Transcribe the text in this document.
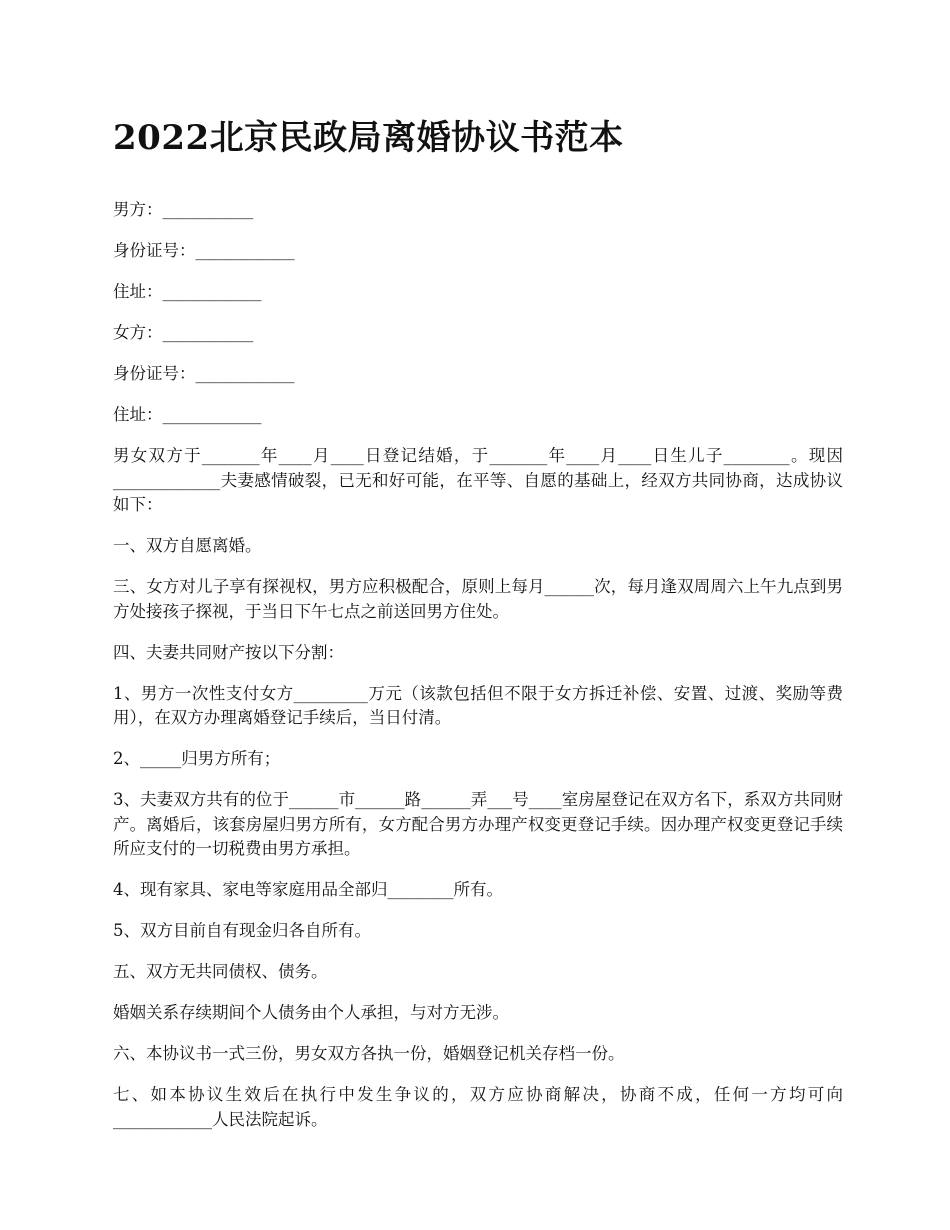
2022北京民政局离婚协议书范本

男方：___________

身份证号：____________

住址：____________

女方：___________

身份证号：____________

住址：____________

男女双方于_______年____月____日登记结婚，于_______年____月____日生儿子________。现因_____________夫妻感情破裂，已无和好可能，在平等、自愿的基础上，经双方共同协商，达成协议如下：

一、双方自愿离婚。

三、女方对儿子享有探视权，男方应积极配合，原则上每月______次，每月逢双周周六上午九点到男方处接孩子探视，于当日下午七点之前送回男方住处。

四、夫妻共同财产按以下分割：

1、男方一次性支付女方_________万元（该款包括但不限于女方拆迁补偿、安置、过渡、奖励等费用），在双方办理离婚登记手续后，当日付清。

2、_____归男方所有；

3、夫妻双方共有的位于______市______路______弄___号____室房屋登记在双方名下，系双方共同财产。离婚后，该套房屋归男方所有，女方配合男方办理产权变更登记手续。因办理产权变更登记手续所应支付的一切税费由男方承担。

4、现有家具、家电等家庭用品全部归________所有。

5、双方目前自有现金归各自所有。

五、双方无共同债权、债务。

婚姻关系存续期间个人债务由个人承担，与对方无涉。

六、本协议书一式三份，男女双方各执一份，婚姻登记机关存档一份。

七、如本协议生效后在执行中发生争议的，双方应协商解决，协商不成，任何一方均可向____________人民法院起诉。
